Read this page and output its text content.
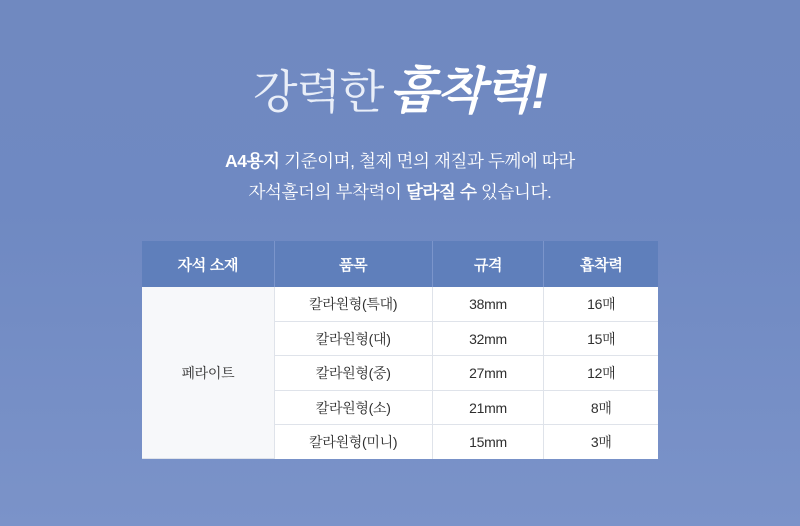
강력한 흡착력!
A4용지 기준이며, 철제 면의 재질과 두께에 따라
자석홀더의 부착력이 달라질 수 있습니다.
자석 소재	품목	규격	흡착력
페라이트	칼라원형(특대)	38mm	16매
	칼라원형(대)	32mm	15매
	칼라원형(중)	27mm	12매
	칼라원형(소)	21mm	8매
	칼라원형(미니)	15mm	3매
